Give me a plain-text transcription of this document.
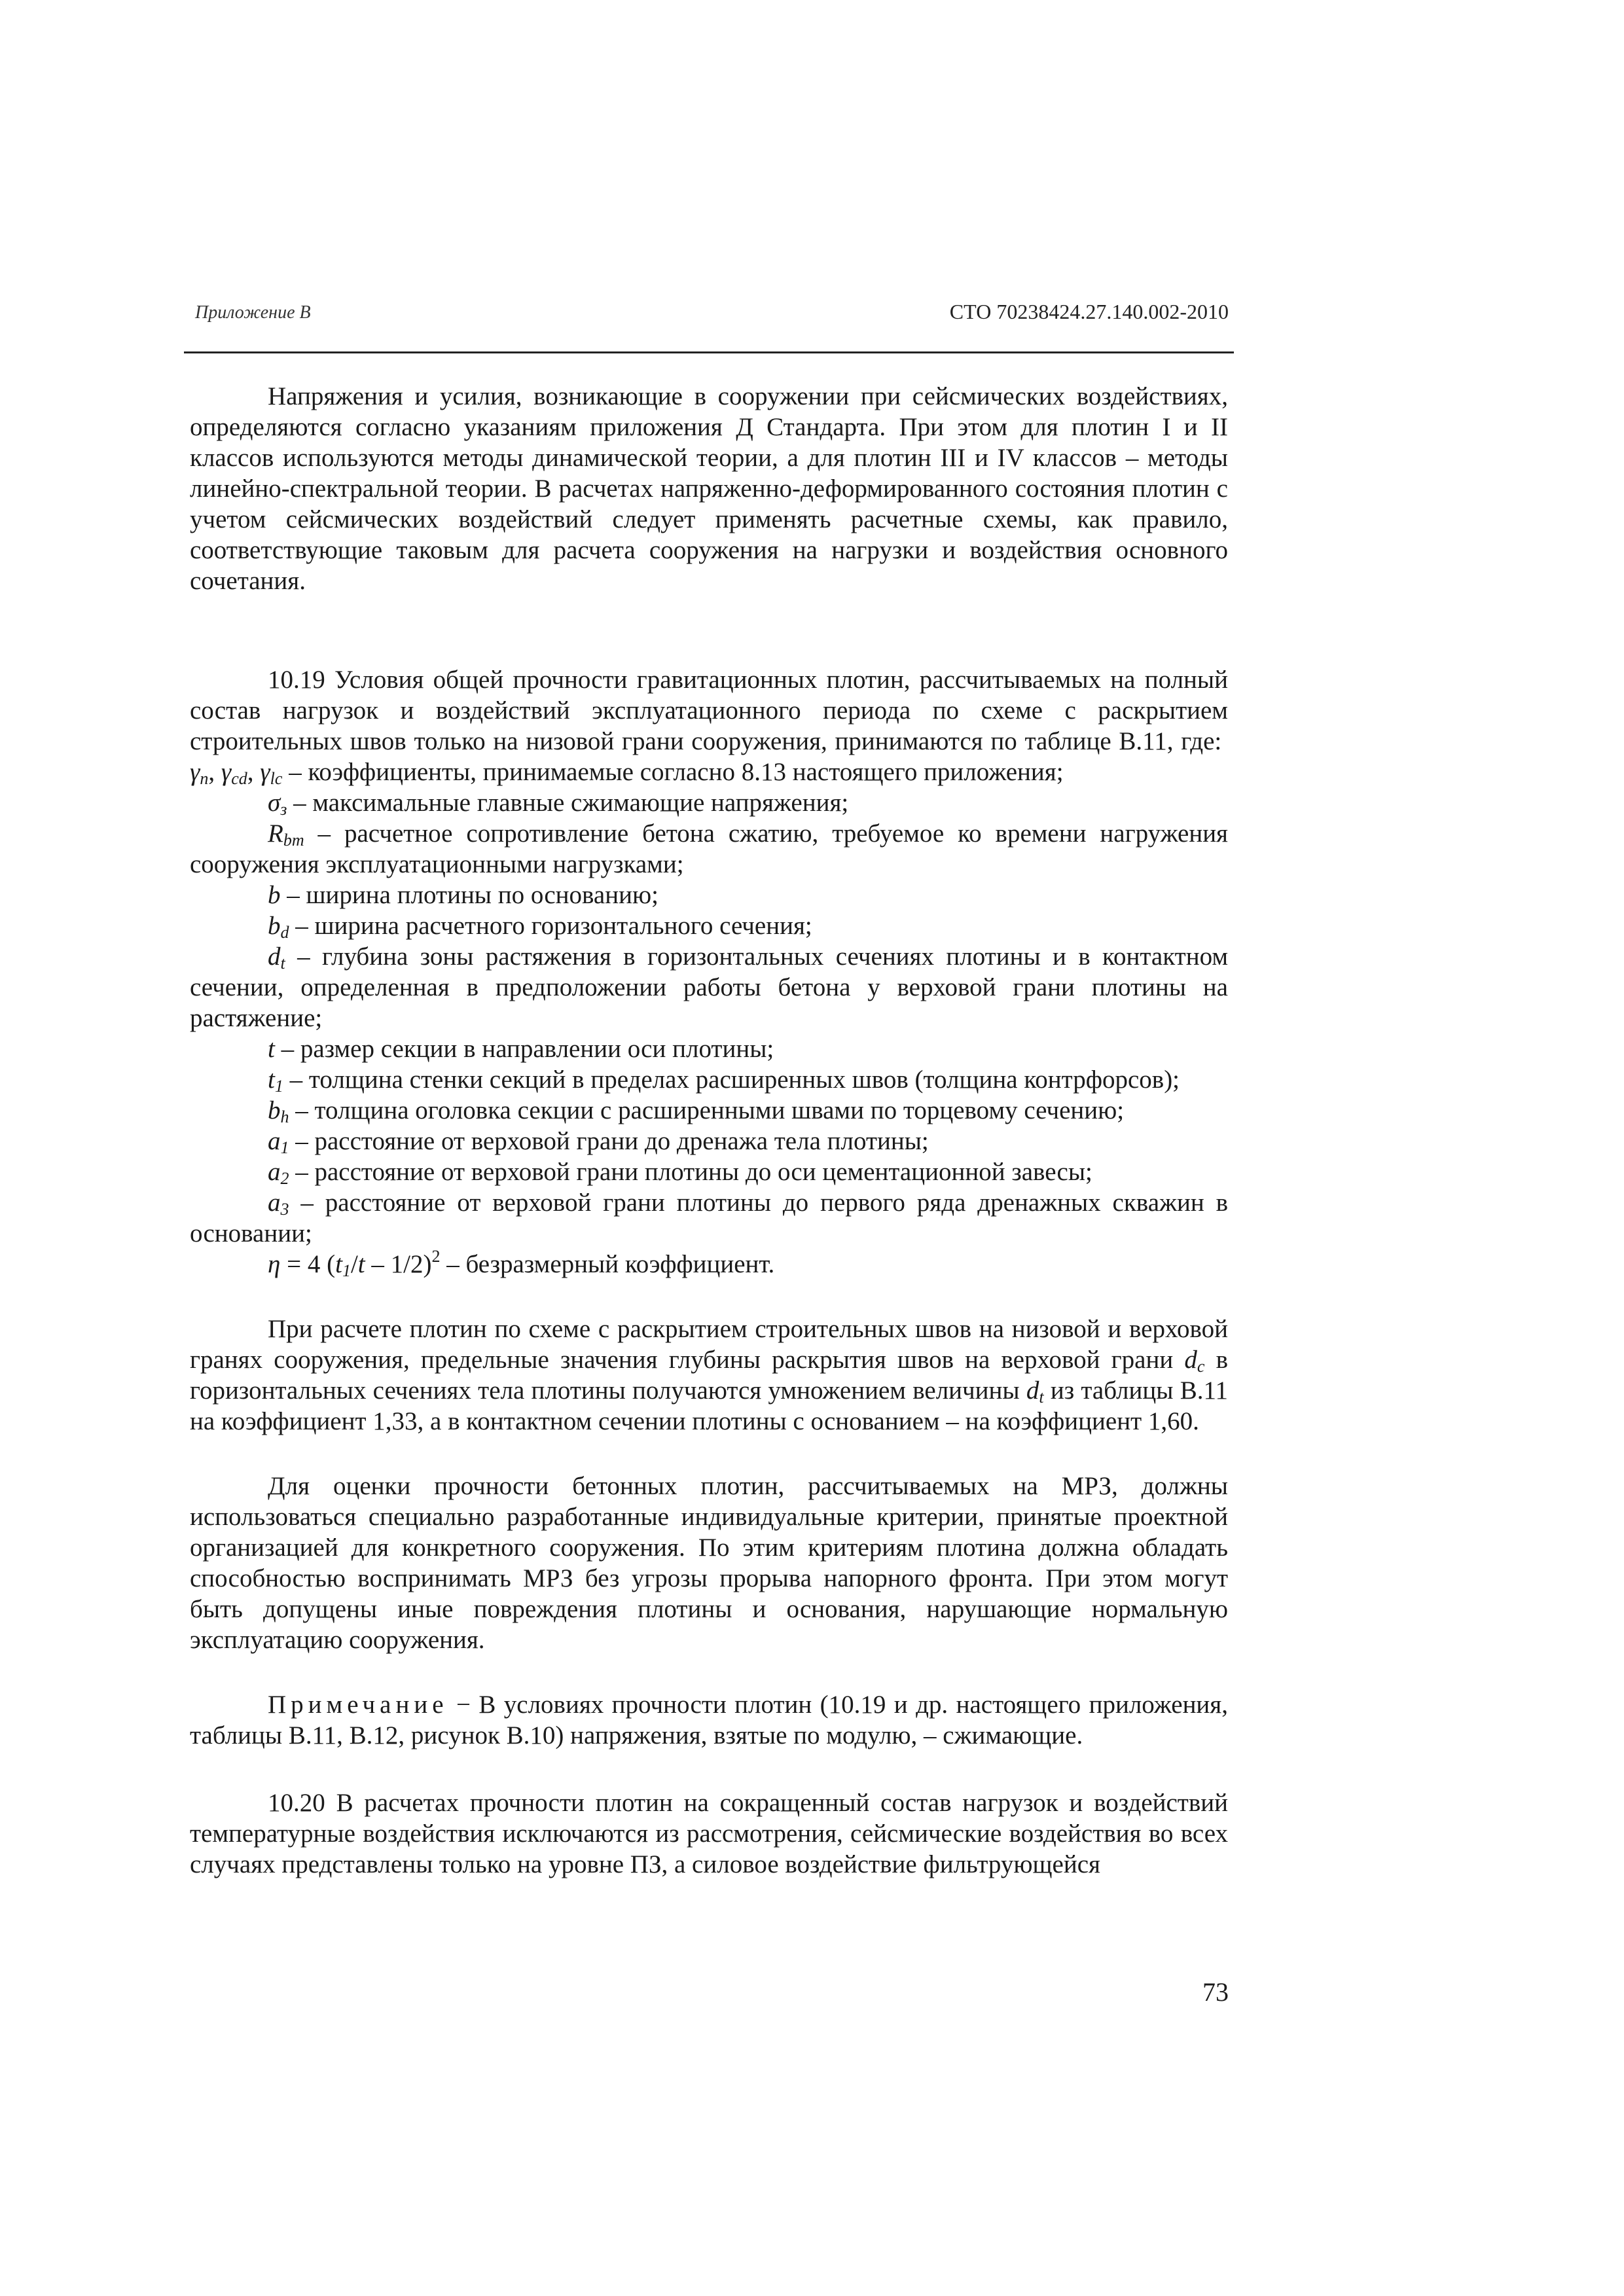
Приложение В	СТО 70238424.27.140.002-2010

Напряжения и усилия, возникающие в сооружении при сейсмических воздействиях, определяются согласно указаниям приложения Д Стандарта. При этом для плотин I и II классов используются методы динамической теории, а для плотин III и IV классов – методы линейно-спектральной теории. В расчетах напряженно-деформированного состояния плотин с учетом сейсмических воздействий следует применять расчетные схемы, как правило, соответствующие таковым для расчета сооружения на нагрузки и воздействия основного сочетания.

10.19 Условия общей прочности гравитационных плотин, рассчитываемых на полный состав нагрузок и воздействий эксплуатационного периода по схеме с раскрытием строительных швов только на низовой грани сооружения, принимаются по таблице В.11, где:  $\gamma_n$, $\gamma_{cd}$, $\gamma_{lc}$ – коэффициенты, принимаемые согласно 8.13 настоящего приложения;

$\sigma_з$ – максимальные главные сжимающие напряжения;

$R_{bт}$ – расчетное сопротивление бетона сжатию, требуемое ко времени нагружения сооружения эксплуатационными нагрузками;

b – ширина плотины по основанию;

$b_d$ – ширина расчетного горизонтального сечения;

$d_t$ – глубина зоны растяжения в горизонтальных сечениях плотины и в контактном сечении, определенная в предположении работы бетона у верховой грани плотины на растяжение;

t – размер секции в направлении оси плотины;

$t_1$ – толщина стенки секций в пределах расширенных швов (толщина контрфорсов);

$b_h$ – толщина оголовка секции с расширенными швами по торцевому сечению;

$a_1$ – расстояние от верховой грани до дренажа тела плотины;

$a_2$ – расстояние от верховой грани плотины до оси цементационной завесы;

$a_3$ – расстояние от верховой грани плотины до первого ряда дренажных скважин в основании;

η = 4 $(t_1/t - 1/2)^2$ – безразмерный коэффициент.

При расчете плотин по схеме с раскрытием строительных швов на низовой и верховой гранях сооружения, предельные значения глубины раскрытия швов на верховой грани $d_c$ в горизонтальных сечениях тела плотины получаются умножением величины $d_t$ из таблицы В.11 на коэффициент 1,33, а в контактном сечении плотины с основанием – на коэффициент 1,60.

Для оценки прочности бетонных плотин, рассчитываемых на МРЗ, должны использоваться специально разработанные индивидуальные критерии, принятые проектной организацией для конкретного сооружения. По этим критериям плотина должна обладать способностью воспринимать МРЗ без угрозы прорыва напорного фронта. При этом могут быть допущены иные повреждения плотины и основания, нарушающие нормальную эксплуатацию сооружения.

Примечание − В условиях прочности плотин (10.19 и др. настоящего приложения, таблицы В.11, В.12, рисунок В.10) напряжения, взятые по модулю, – сжимающие.

10.20 В расчетах прочности плотин на сокращенный состав нагрузок и воздействий температурные воздействия исключаются из рассмотрения, сейсмические воздействия во всех случаях представлены только на уровне ПЗ, а силовое воздействие фильтрующейся

73
